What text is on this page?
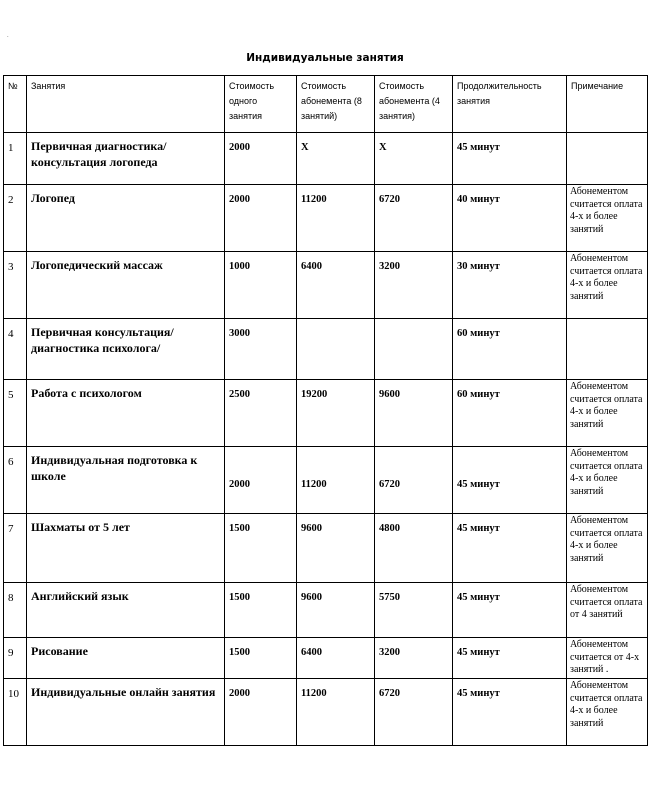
.
Индивидуальные занятия
№	Занятия	Стоимость одного занятия	Стоимость абонемента (8 занятий)	Стоимость абонемента (4 занятия)	Продолжительность занятия	Примечание
1	Первичная диагностика/консультация логопеда	2000	Х	Х	45 минут	
2	Логопед	2000	11200	6720	40 минут	Абонементом считается оплата 4-х и более занятий
3	Логопедический массаж	1000	6400	3200	30 минут	Абонементом считается оплата 4-х и более занятий
4	Первичная консультация/диагностика психолога/	3000			60 минут	
5	Работа с психологом	2500	19200	9600	60 минут	Абонементом считается оплата 4-х и более занятий
6	Индивидуальная подготовка к школе	2000	11200	6720	45 минут	Абонементом считается оплата 4-х и более занятий
7	Шахматы от 5 лет	1500	9600	4800	45 минут	Абонементом считается оплата 4-х и более занятий
8	Английский язык	1500	9600	5750	45 минут	Абонементом считается оплата от 4 занятий
9	Рисование	1500	6400	3200	45 минут	Абонементом считается от 4-х занятий .
10	Индивидуальные онлайн занятия	2000	11200	6720	45 минут	Абонементом считается оплата 4-х и более занятий
